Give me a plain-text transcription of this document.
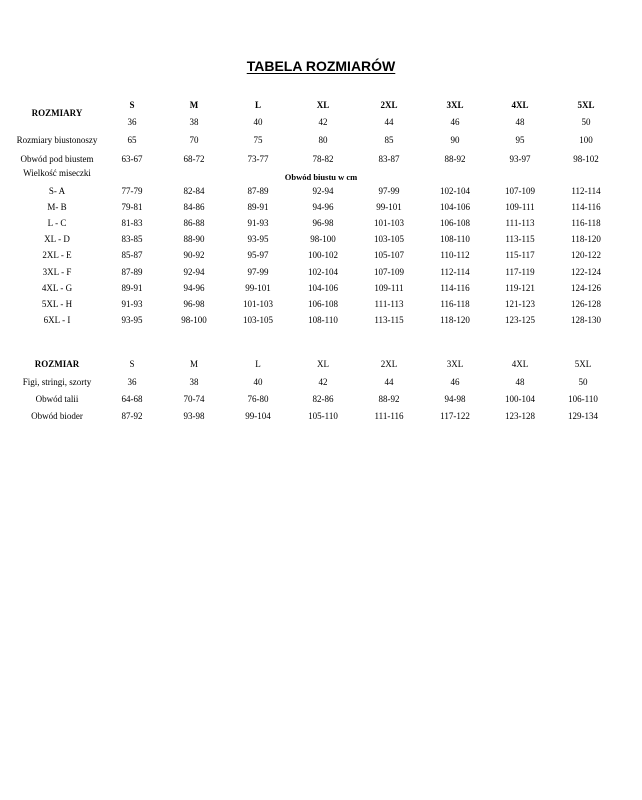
TABELA ROZMIARÓW
ROZMIARY
S	M	L	XL	2XL	3XL	4XL	5XL
36	38	40	42	44	46	48	50
Rozmiary biustonoszy	65	70	75	80	85	90	95	100
Obwód pod biustem	63-67	68-72	73-77	78-82	83-87	88-92	93-97	98-102
Wielkość miseczki	Obwód biustu w cm
S- A	77-79	82-84	87-89	92-94	97-99	102-104	107-109	112-114
M- B	79-81	84-86	89-91	94-96	99-101	104-106	109-111	114-116
L - C	81-83	86-88	91-93	96-98	101-103	106-108	111-113	116-118
XL - D	83-85	88-90	93-95	98-100	103-105	108-110	113-115	118-120
2XL - E	85-87	90-92	95-97	100-102	105-107	110-112	115-117	120-122
3XL - F	87-89	92-94	97-99	102-104	107-109	112-114	117-119	122-124
4XL - G	89-91	94-96	99-101	104-106	109-111	114-116	119-121	124-126
5XL - H	91-93	96-98	101-103	106-108	111-113	116-118	121-123	126-128
6XL - I	93-95	98-100	103-105	108-110	113-115	118-120	123-125	128-130
ROZMIAR	S	M	L	XL	2XL	3XL	4XL	5XL
Figi, stringi, szorty	36	38	40	42	44	46	48	50
Obwód talii	64-68	70-74	76-80	82-86	88-92	94-98	100-104	106-110
Obwód bioder	87-92	93-98	99-104	105-110	111-116	117-122	123-128	129-134
